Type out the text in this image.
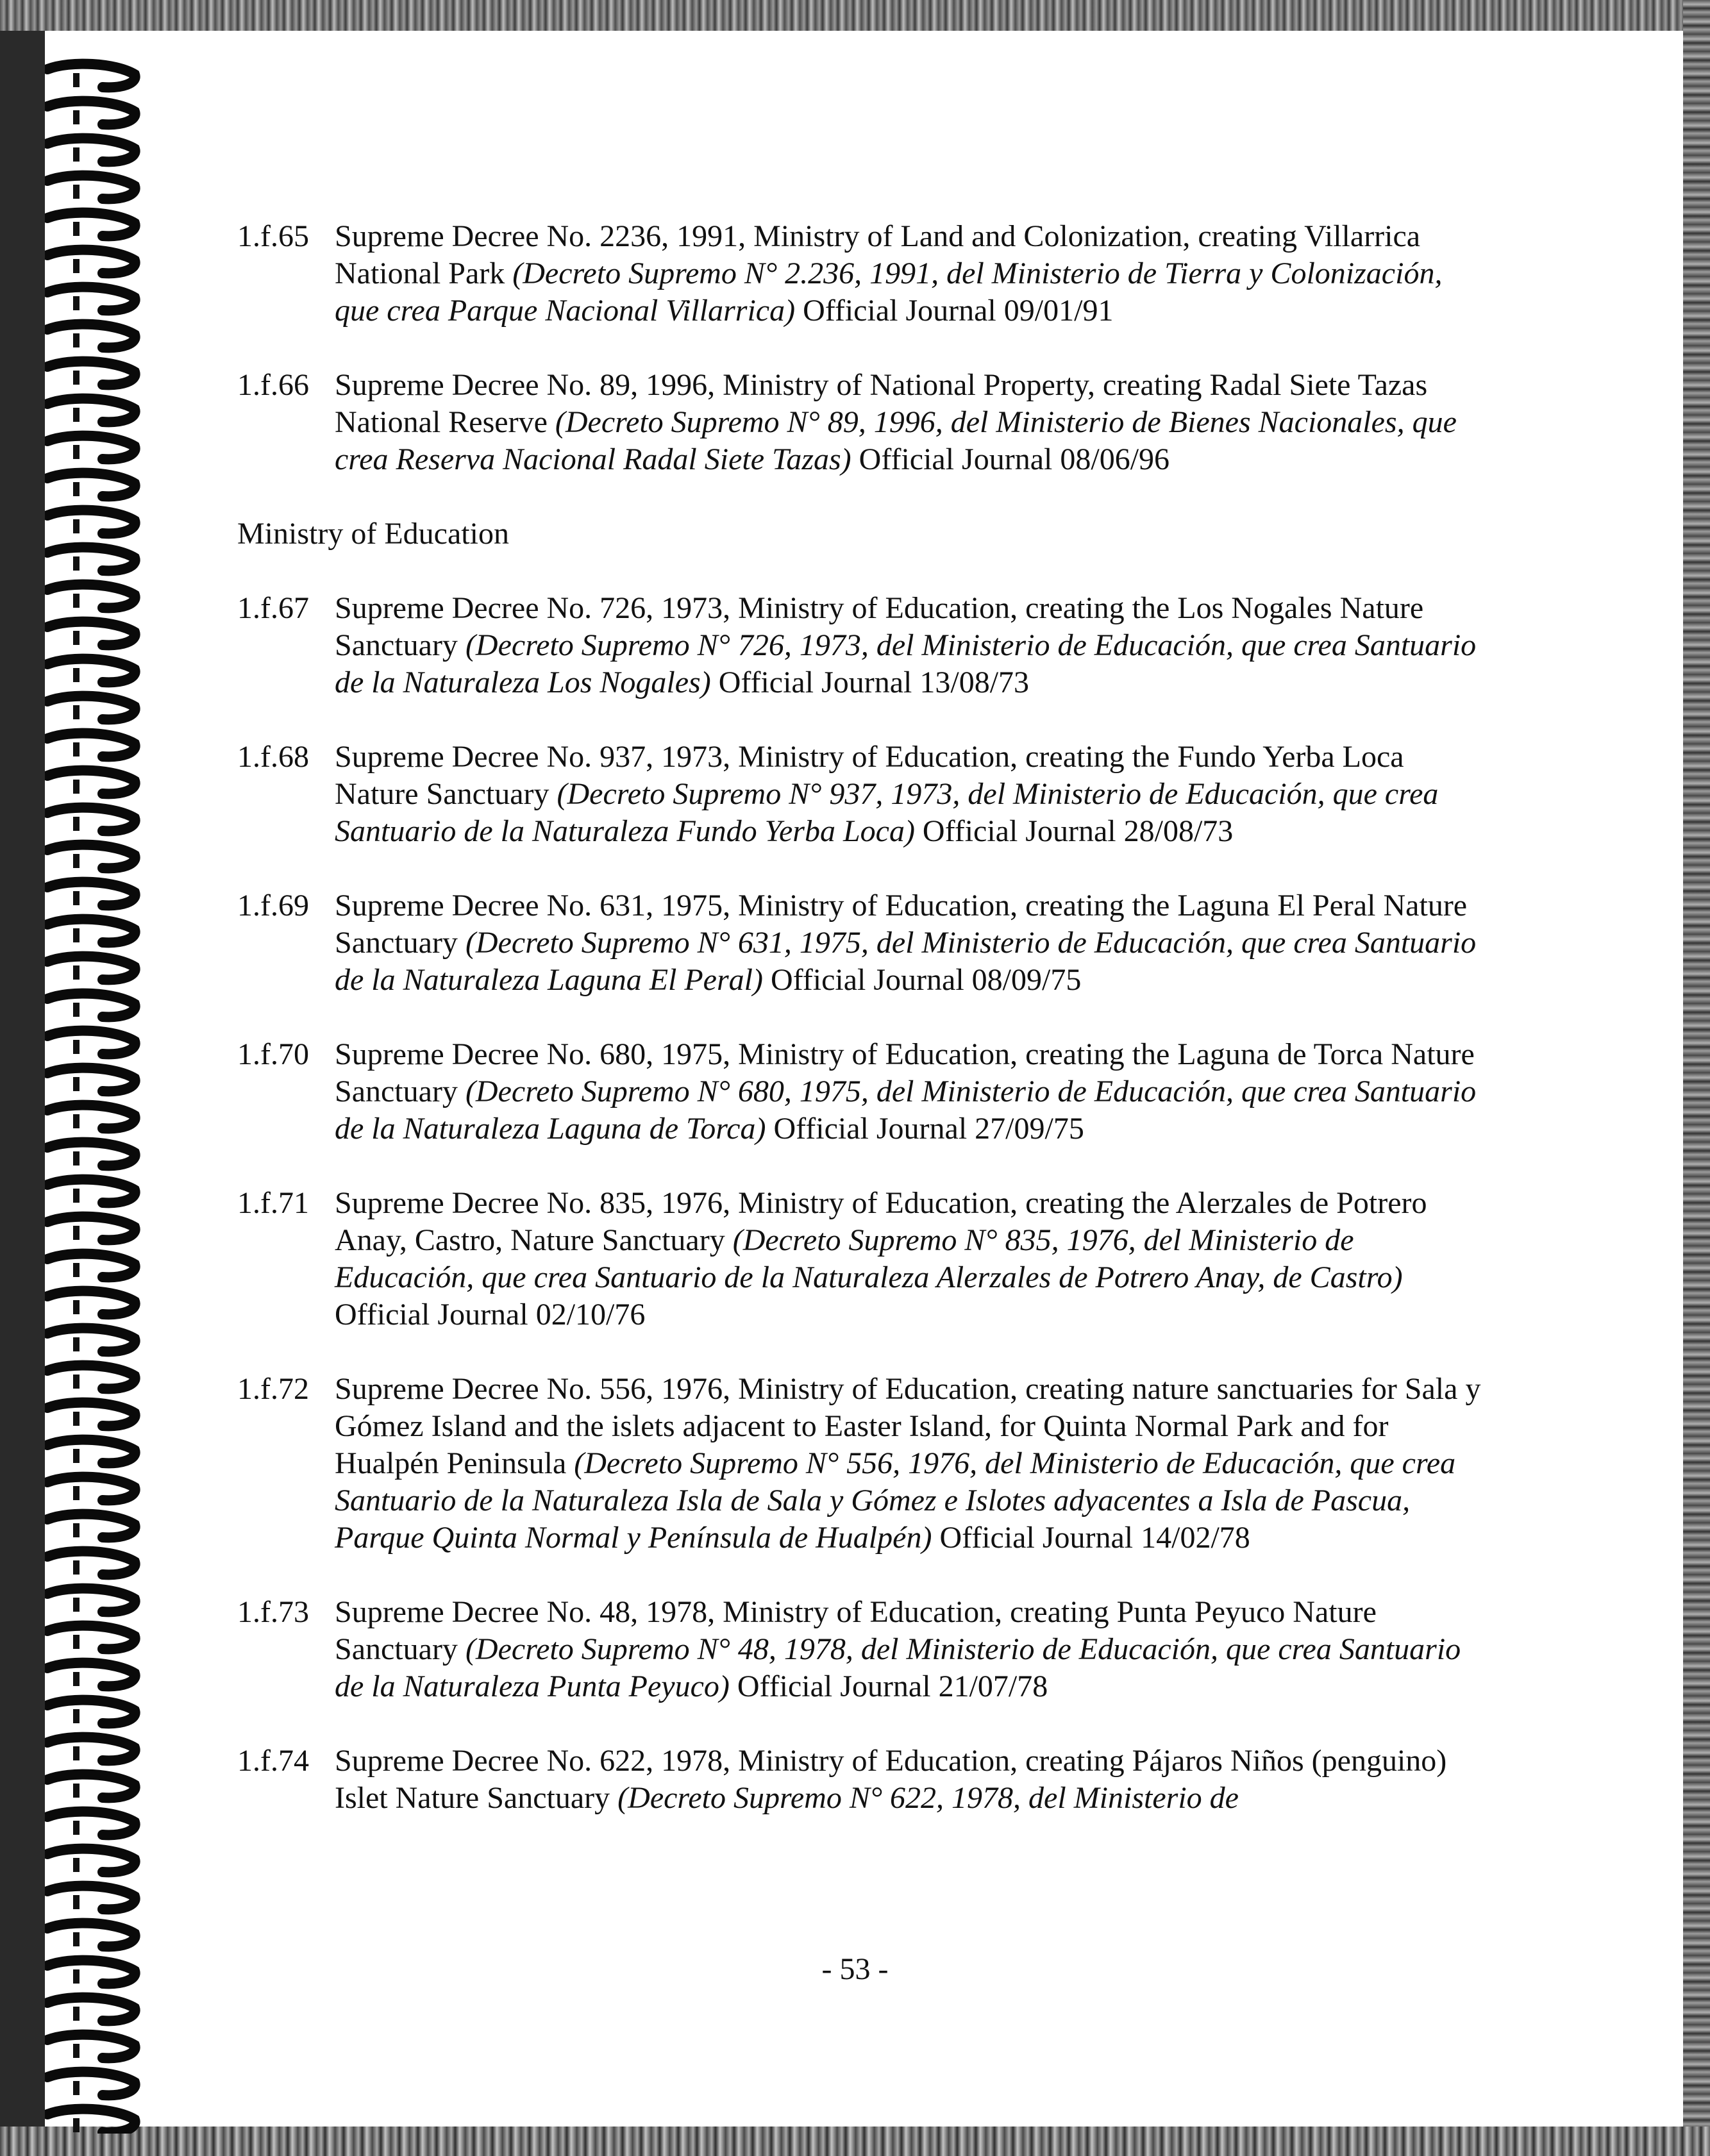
1.f.65 Supreme Decree No. 2236, 1991, Ministry of Land and Colonization, creating Villarrica National Park (Decreto Supremo N° 2.236, 1991, del Ministerio de Tierra y Colonización, que crea Parque Nacional Villarrica) Official Journal 09/01/91
1.f.66 Supreme Decree No. 89, 1996, Ministry of National Property, creating Radal Siete Tazas National Reserve (Decreto Supremo N° 89, 1996, del Ministerio de Bienes Nacionales, que crea Reserva Nacional Radal Siete Tazas) Official Journal 08/06/96
Ministry of Education
1.f.67 Supreme Decree No. 726, 1973, Ministry of Education, creating the Los Nogales Nature Sanctuary (Decreto Supremo N° 726, 1973, del Ministerio de Educación, que crea Santuario de la Naturaleza Los Nogales) Official Journal 13/08/73
1.f.68 Supreme Decree No. 937, 1973, Ministry of Education, creating the Fundo Yerba Loca Nature Sanctuary (Decreto Supremo N° 937, 1973, del Ministerio de Educación, que crea Santuario de la Naturaleza Fundo Yerba Loca) Official Journal 28/08/73
1.f.69 Supreme Decree No. 631, 1975, Ministry of Education, creating the Laguna El Peral Nature Sanctuary (Decreto Supremo N° 631, 1975, del Ministerio de Educación, que crea Santuario de la Naturaleza Laguna El Peral) Official Journal 08/09/75
1.f.70 Supreme Decree No. 680, 1975, Ministry of Education, creating the Laguna de Torca Nature Sanctuary (Decreto Supremo N° 680, 1975, del Ministerio de Educación, que crea Santuario de la Naturaleza Laguna de Torca) Official Journal 27/09/75
1.f.71 Supreme Decree No. 835, 1976, Ministry of Education, creating the Alerzales de Potrero Anay, Castro, Nature Sanctuary (Decreto Supremo N° 835, 1976, del Ministerio de Educación, que crea Santuario de la Naturaleza Alerzales de Potrero Anay, de Castro) Official Journal 02/10/76
1.f.72 Supreme Decree No. 556, 1976, Ministry of Education, creating nature sanctuaries for Sala y Gómez Island and the islets adjacent to Easter Island, for Quinta Normal Park and for Hualpén Peninsula (Decreto Supremo N° 556, 1976, del Ministerio de Educación, que crea Santuario de la Naturaleza Isla de Sala y Gómez e Islotes adyacentes a Isla de Pascua, Parque Quinta Normal y Península de Hualpén) Official Journal 14/02/78
1.f.73 Supreme Decree No. 48, 1978, Ministry of Education, creating Punta Peyuco Nature Sanctuary (Decreto Supremo N° 48, 1978, del Ministerio de Educación, que crea Santuario de la Naturaleza Punta Peyuco) Official Journal 21/07/78
1.f.74 Supreme Decree No. 622, 1978, Ministry of Education, creating Pájaros Niños (penguino) Islet Nature Sanctuary (Decreto Supremo N° 622, 1978, del Ministerio de
- 53 -
